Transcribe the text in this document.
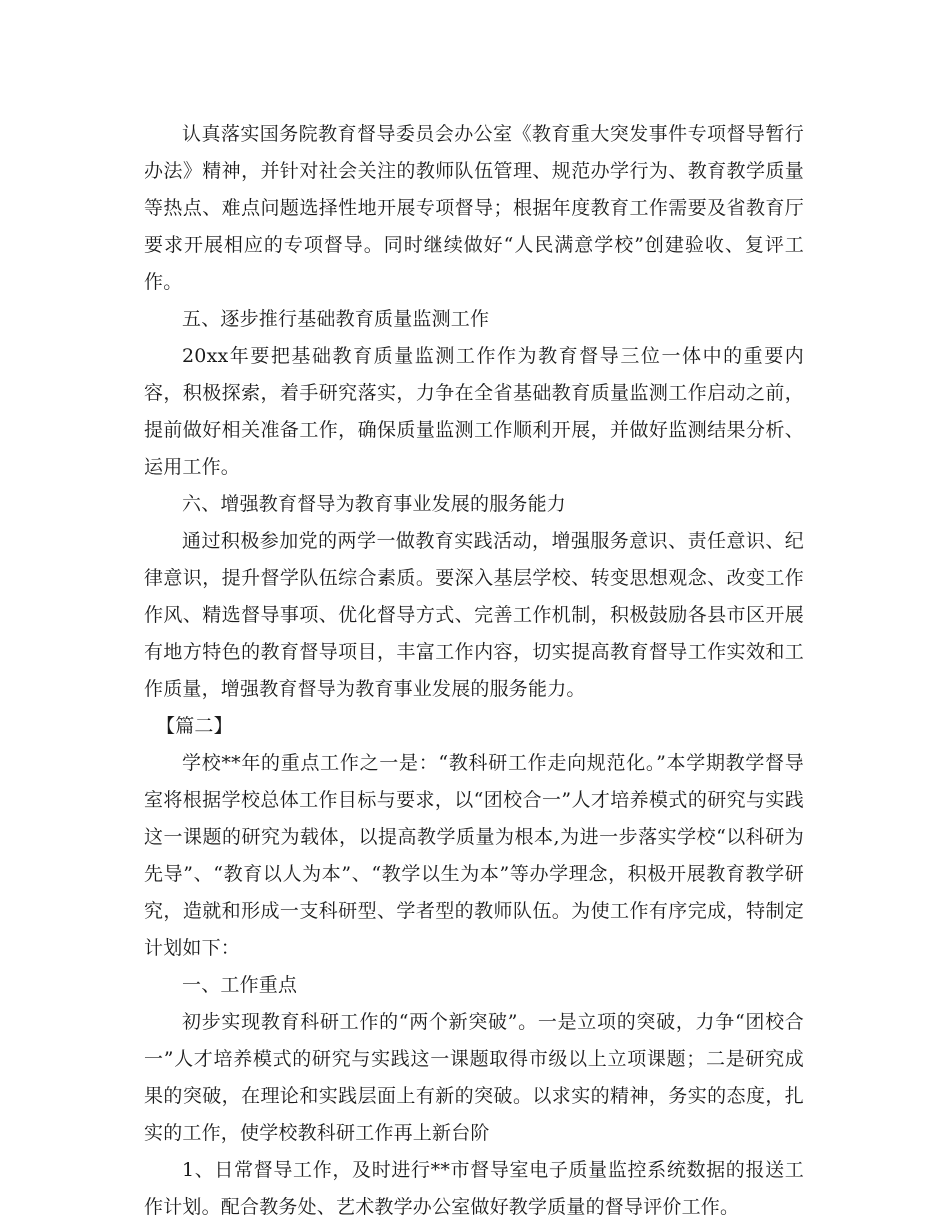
认真落实国务院教育督导委员会办公室《教育重大突发事件专项督导暂行办法》精神，并针对社会关注的教师队伍管理、规范办学行为、教育教学质量等热点、难点问题选择性地开展专项督导；根据年度教育工作需要及省教育厅要求开展相应的专项督导。同时继续做好“人民满意学校”创建验收、复评工作。

五、逐步推行基础教育质量监测工作

20xx年要把基础教育质量监测工作作为教育督导三位一体中的重要内容，积极探索，着手研究落实，力争在全省基础教育质量监测工作启动之前，提前做好相关准备工作，确保质量监测工作顺利开展，并做好监测结果分析、运用工作。

六、增强教育督导为教育事业发展的服务能力

通过积极参加党的两学一做教育实践活动，增强服务意识、责任意识、纪律意识，提升督学队伍综合素质。要深入基层学校、转变思想观念、改变工作作风、精选督导事项、优化督导方式、完善工作机制，积极鼓励各县市区开展有地方特色的教育督导项目，丰富工作内容，切实提高教育督导工作实效和工作质量，增强教育督导为教育事业发展的服务能力。

【篇二】

学校**年的重点工作之一是：“教科研工作走向规范化。”本学期教学督导室将根据学校总体工作目标与要求，以“团校合一”人才培养模式的研究与实践这一课题的研究为载体，以提高教学质量为根本,为进一步落实学校“以科研为先导”、“教育以人为本”、“教学以生为本”等办学理念，积极开展教育教学研究，造就和形成一支科研型、学者型的教师队伍。为使工作有序完成，特制定计划如下：

一、工作重点

初步实现教育科研工作的“两个新突破”。一是立项的突破，力争“团校合一”人才培养模式的研究与实践这一课题取得市级以上立项课题；二是研究成果的突破，在理论和实践层面上有新的突破。以求实的精神，务实的态度，扎实的工作，使学校教科研工作再上新台阶

1、日常督导工作，及时进行**市督导室电子质量监控系统数据的报送工作计划。配合教务处、艺术教学办公室做好教学质量的督导评价工作。
